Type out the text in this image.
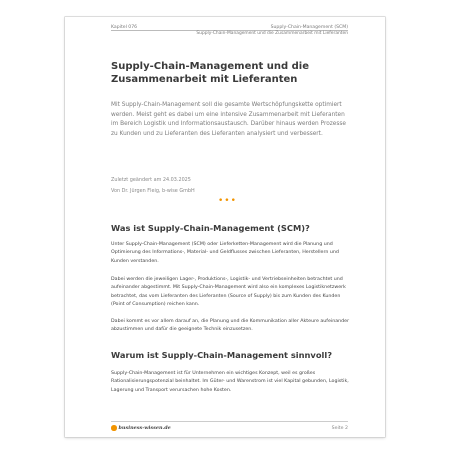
Kapitel 076	Supply-Chain-Management (SCM)
Supply-Chain-Management und die Zusammenarbeit mit Lieferanten
Supply-Chain-Management und die Zusammenarbeit mit Lieferanten

Mit Supply-Chain-Management soll die gesamte Wertschöpfungskette optimiert werden. Meist geht es dabei um eine intensive Zusammenarbeit mit Lieferanten im Bereich Logistik und Informationsaustausch. Darüber hinaus werden Prozesse zu Kunden und zu Lieferanten des Lieferanten analysiert und verbessert.

Zuletzt geändert am 24.03.2025
Von Dr. Jürgen Fleig, b-wise GmbH
•••
Was ist Supply-Chain-Management (SCM)?

Unter Supply-Chain-Management (SCM) oder Lieferketten-Management wird die Planung und Optimierung des Informations-, Material- und Geldflusses zwischen Lieferanten, Herstellern und Kunden verstanden.

Dabei werden die jeweiligen Lager-, Produktions-, Logistik- und Vertriebseinheiten betrachtet und aufeinander abgestimmt. Mit Supply-Chain-Management wird also ein komplexes Logistiknetzwerk betrachtet, das vom Lieferanten des Lieferanten (Source of Supply) bis zum Kunden des Kunden (Point of Consumption) reichen kann.

Dabei kommt es vor allem darauf an, die Planung und die Kommunikation aller Akteure aufeinander abzustimmen und dafür die geeignete Technik einzusetzen.

Warum ist Supply-Chain-Management sinnvoll?

Supply-Chain-Management ist für Unternehmen ein wichtiges Konzept, weil es großes Rationalisierungspotenzial beinhaltet. Im Güter- und Warenstrom ist viel Kapital gebunden, Logistik, Lagerung und Transport verursachen hohe Kosten.

business-wissen.de	Seite 2
